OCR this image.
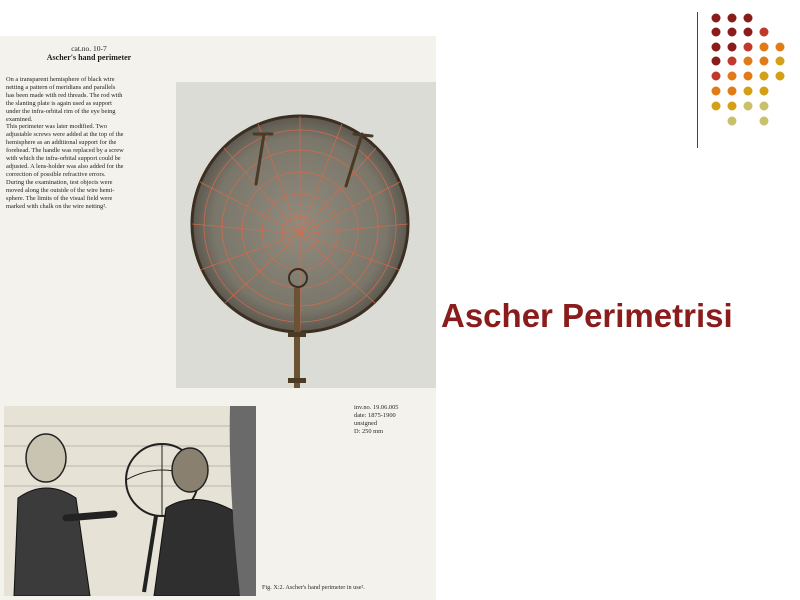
cat.no. 10-7
Ascher's hand perimeter

On a transparent hemisphere of black wire
netting a pattern of meridians and parallels
has been made with red threads. The rod with
the slanting plate is again used as support
under the infra-orbital rim of the eye being
examined.
This perimeter was later modified. Two
adjustable screws were added at the top of the
hemisphere as an additional support for the
forehead. The handle was replaced by a screw
with which the infra-orbital support could be
adjusted. A lens-holder was also added for the
correction of possible refractive errors.
During the examination, test objects were
moved along the outside of the wire hemi-
sphere. The limits of the visual field were
marked with chalk on the wire netting².

inv.no. 19.06.005
date: 1875-1900
unsigned
D: 250 mm
Fig. X:2. Ascher's hand perimeter in use².
Ascher Perimetrisi
